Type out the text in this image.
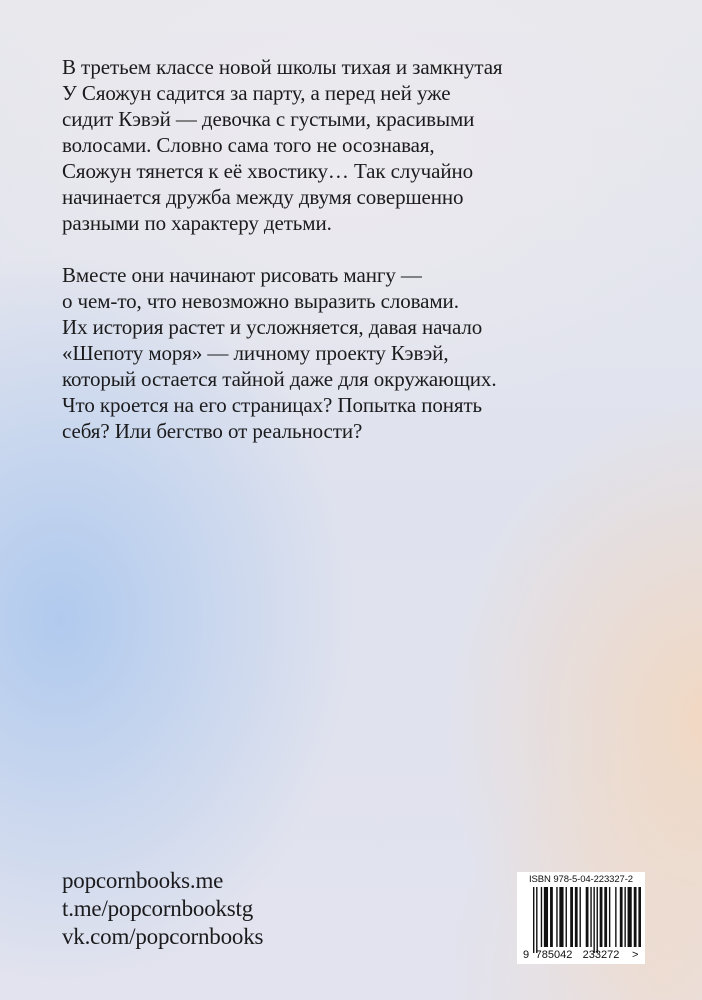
В третьем классе новой школы тихая и замкнутая
У Сяожун садится за парту, а перед ней уже
сидит Кэвэй — девочка с густыми, красивыми
волосами. Словно сама того не осознавая,
Сяожун тянется к её хвостику… Так случайно
начинается дружба между двумя совершенно
разными по характеру детьми.

Вместе они начинают рисовать мангу —
о чем-то, что невозможно выразить словами.
Их история растет и усложняется, давая начало
«Шепоту моря» — личному проекту Кэвэй,
который остается тайной даже для окружающих.
Что кроется на его страницах? Попытка понять
себя? Или бегство от реальности?

popcornbooks.me
t.me/popcornbookstg
vk.com/popcornbooks
ISBN 978-5-04-223327-2
9 785042 233272 >
